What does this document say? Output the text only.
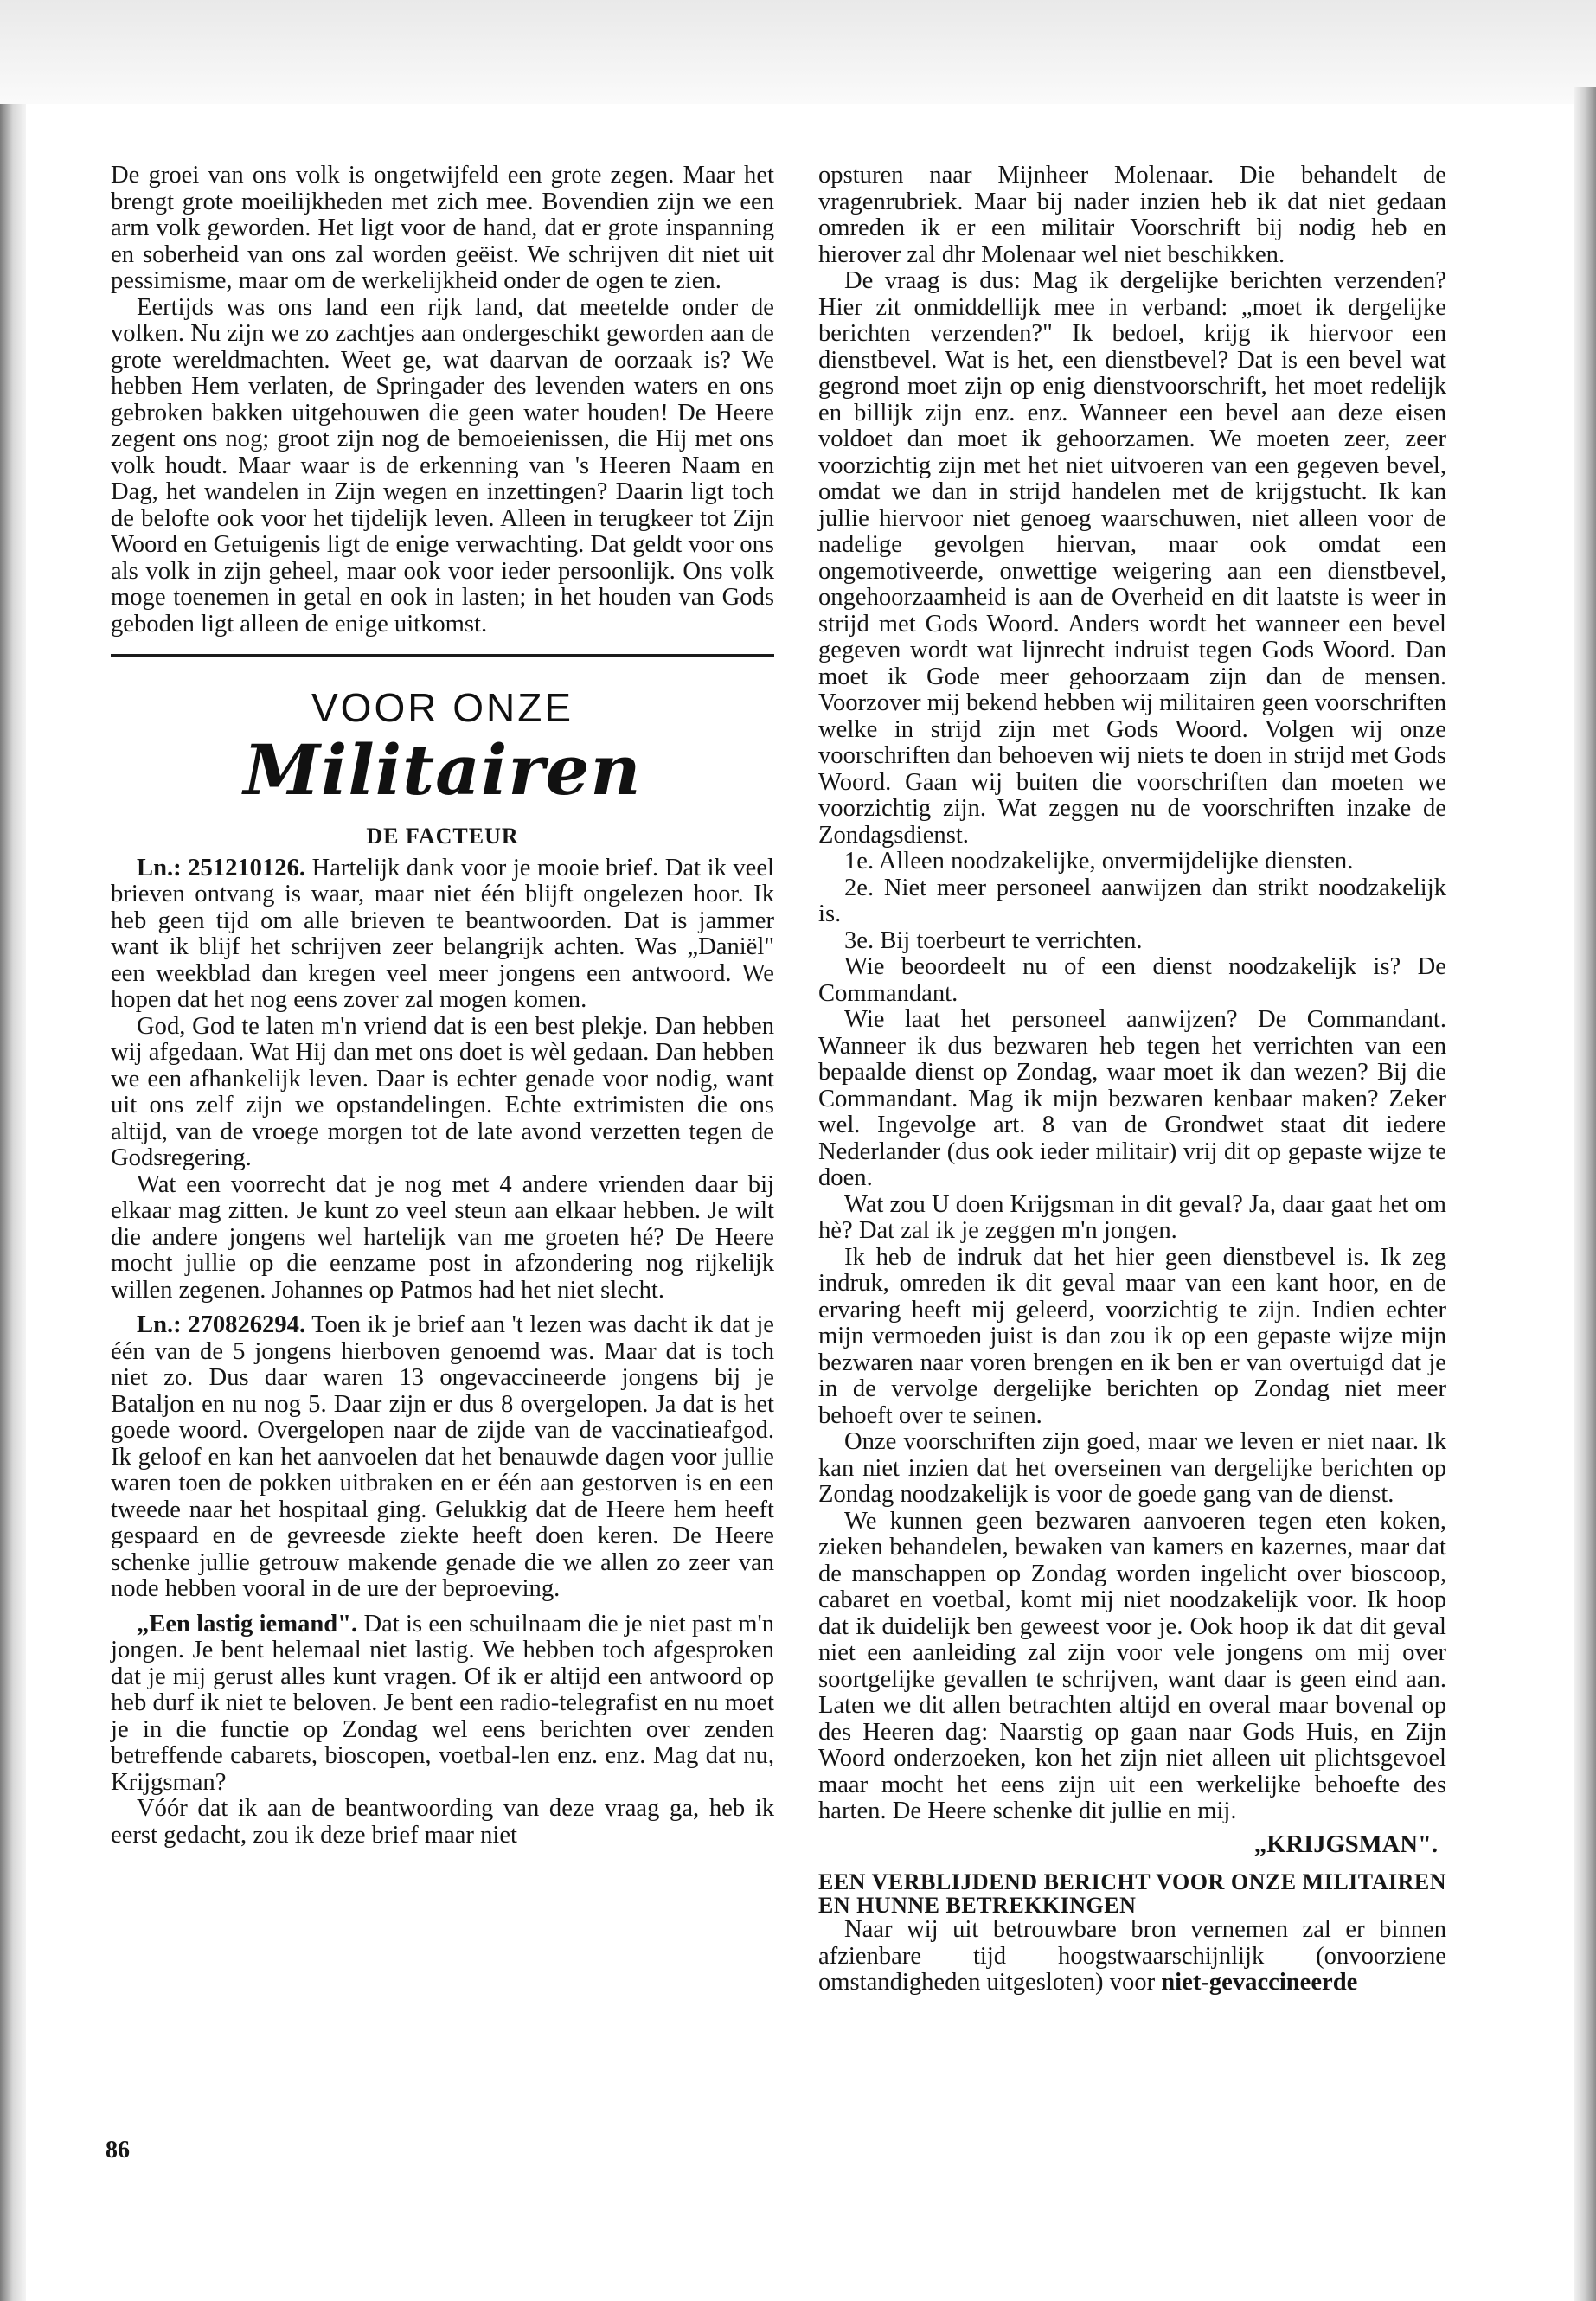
De groei van ons volk is ongetwijfeld een grote zegen. Maar het brengt grote moeilijkheden met zich mee. Bovendien zijn we een arm volk geworden. Het ligt voor de hand, dat er grote inspanning en soberheid van ons zal worden geëist. We schrijven dit niet uit pessimisme, maar om de werkelijkheid onder de ogen te zien.

Eertijds was ons land een rijk land, dat meetelde onder de volken. Nu zijn we zo zachtjes aan ondergeschikt geworden aan de grote wereldmachten. Weet ge, wat daarvan de oorzaak is? We hebben Hem verlaten, de Springader des levenden waters en ons gebroken bakken uitgehouwen die geen water houden! De Heere zegent ons nog; groot zijn nog de bemoeienissen, die Hij met ons volk houdt. Maar waar is de erkenning van 's Heeren Naam en Dag, het wandelen in Zijn wegen en inzettingen? Daarin ligt toch de belofte ook voor het tijdelijk leven. Alleen in terugkeer tot Zijn Woord en Getuigenis ligt de enige verwachting. Dat geldt voor ons als volk in zijn geheel, maar ook voor ieder persoonlijk. Ons volk moge toenemen in getal en ook in lasten; in het houden van Gods geboden ligt alleen de enige uitkomst.

VOOR ONZE
Militairen
DE FACTEUR

Ln.: 251210126. Hartelijk dank voor je mooie brief. Dat ik veel brieven ontvang is waar, maar niet één blijft ongelezen hoor. Ik heb geen tijd om alle brieven te beantwoorden. Dat is jammer want ik blijf het schrijven zeer belangrijk achten. Was „Daniël" een weekblad dan kregen veel meer jongens een antwoord. We hopen dat het nog eens zover zal mogen komen.

God, God te laten m'n vriend dat is een best plekje. Dan hebben wij afgedaan. Wat Hij dan met ons doet is wèl gedaan. Dan hebben we een afhankelijk leven. Daar is echter genade voor nodig, want uit ons zelf zijn we opstandelingen. Echte extrimisten die ons altijd, van de vroege morgen tot de late avond verzetten tegen de Godsregering.

Wat een voorrecht dat je nog met 4 andere vrienden daar bij elkaar mag zitten. Je kunt zo veel steun aan elkaar hebben. Je wilt die andere jongens wel hartelijk van me groeten hé? De Heere mocht jullie op die eenzame post in afzondering nog rijkelijk willen zegenen. Johannes op Patmos had het niet slecht.

Ln.: 270826294. Toen ik je brief aan 't lezen was dacht ik dat je één van de 5 jongens hierboven genoemd was. Maar dat is toch niet zo. Dus daar waren 13 ongevaccineerde jongens bij je Bataljon en nu nog 5. Daar zijn er dus 8 overgelopen. Ja dat is het goede woord. Overgelopen naar de zijde van de vaccinatieafgod. Ik geloof en kan het aanvoelen dat het benauwde dagen voor jullie waren toen de pokken uitbraken en er één aan gestorven is en een tweede naar het hospitaal ging. Gelukkig dat de Heere hem heeft gespaard en de gevreesde ziekte heeft doen keren. De Heere schenke jullie getrouw makende genade die we allen zo zeer van node hebben vooral in de ure der beproeving.

„Een lastig iemand". Dat is een schuilnaam die je niet past m'n jongen. Je bent helemaal niet lastig. We hebben toch afgesproken dat je mij gerust alles kunt vragen. Of ik er altijd een antwoord op heb durf ik niet te beloven. Je bent een radio-telegrafist en nu moet je in die functie op Zondag wel eens berichten over zenden betreffende cabarets, bioscopen, voetbal-len enz. enz. Mag dat nu, Krijgsman?

Vóór dat ik aan de beantwoording van deze vraag ga, heb ik eerst gedacht, zou ik deze brief maar niet

opsturen naar Mijnheer Molenaar. Die behandelt de vragenrubriek. Maar bij nader inzien heb ik dat niet gedaan omreden ik er een militair Voorschrift bij nodig heb en hierover zal dhr Molenaar wel niet beschikken.

De vraag is dus: Mag ik dergelijke berichten verzenden? Hier zit onmiddellijk mee in verband: „moet ik dergelijke berichten verzenden?" Ik bedoel, krijg ik hiervoor een dienstbevel. Wat is het, een dienstbevel? Dat is een bevel wat gegrond moet zijn op enig dienstvoorschrift, het moet redelijk en billijk zijn enz. enz. Wanneer een bevel aan deze eisen voldoet dan moet ik gehoorzamen. We moeten zeer, zeer voorzichtig zijn met het niet uitvoeren van een gegeven bevel, omdat we dan in strijd handelen met de krijgstucht. Ik kan jullie hiervoor niet genoeg waarschuwen, niet alleen voor de nadelige gevolgen hiervan, maar ook omdat een ongemotiveerde, onwettige weigering aan een dienstbevel, ongehoorzaamheid is aan de Overheid en dit laatste is weer in strijd met Gods Woord. Anders wordt het wanneer een bevel gegeven wordt wat lijnrecht indruist tegen Gods Woord. Dan moet ik Gode meer gehoorzaam zijn dan de mensen. Voorzover mij bekend hebben wij militairen geen voorschriften welke in strijd zijn met Gods Woord. Volgen wij onze voorschriften dan behoeven wij niets te doen in strijd met Gods Woord. Gaan wij buiten die voorschriften dan moeten we voorzichtig zijn. Wat zeggen nu de voorschriften inzake de Zondagsdienst.

1e. Alleen noodzakelijke, onvermijdelijke diensten.

2e. Niet meer personeel aanwijzen dan strikt noodzakelijk is.

3e. Bij toerbeurt te verrichten.

Wie beoordeelt nu of een dienst noodzakelijk is? De Commandant.

Wie laat het personeel aanwijzen? De Commandant. Wanneer ik dus bezwaren heb tegen het verrichten van een bepaalde dienst op Zondag, waar moet ik dan wezen? Bij die Commandant. Mag ik mijn bezwaren kenbaar maken? Zeker wel. Ingevolge art. 8 van de Grondwet staat dit iedere Nederlander (dus ook ieder militair) vrij dit op gepaste wijze te doen.

Wat zou U doen Krijgsman in dit geval? Ja, daar gaat het om hè? Dat zal ik je zeggen m'n jongen.

Ik heb de indruk dat het hier geen dienstbevel is. Ik zeg indruk, omreden ik dit geval maar van een kant hoor, en de ervaring heeft mij geleerd, voorzichtig te zijn. Indien echter mijn vermoeden juist is dan zou ik op een gepaste wijze mijn bezwaren naar voren brengen en ik ben er van overtuigd dat je in de vervolge dergelijke berichten op Zondag niet meer behoeft over te seinen.

Onze voorschriften zijn goed, maar we leven er niet naar. Ik kan niet inzien dat het overseinen van dergelijke berichten op Zondag noodzakelijk is voor de goede gang van de dienst.

We kunnen geen bezwaren aanvoeren tegen eten koken, zieken behandelen, bewaken van kamers en kazernes, maar dat de manschappen op Zondag worden ingelicht over bioscoop, cabaret en voetbal, komt mij niet noodzakelijk voor. Ik hoop dat ik duidelijk ben geweest voor je. Ook hoop ik dat dit geval niet een aanleiding zal zijn voor vele jongens om mij over soortgelijke gevallen te schrijven, want daar is geen eind aan. Laten we dit allen betrachten altijd en overal maar bovenal op des Heeren dag: Naarstig op gaan naar Gods Huis, en Zijn Woord onderzoeken, kon het zijn niet alleen uit plichtsgevoel maar mocht het eens zijn uit een werkelijke behoefte des harten. De Heere schenke dit jullie en mij.

„KRIJGSMAN".
EEN VERBLIJDEND BERICHT VOOR ONZE MILITAIREN EN HUNNE BETREKKINGEN

Naar wij uit betrouwbare bron vernemen zal er binnen afzienbare tijd hoogstwaarschijnlijk (onvoorziene omstandigheden uitgesloten) voor niet-gevaccineerde

86
